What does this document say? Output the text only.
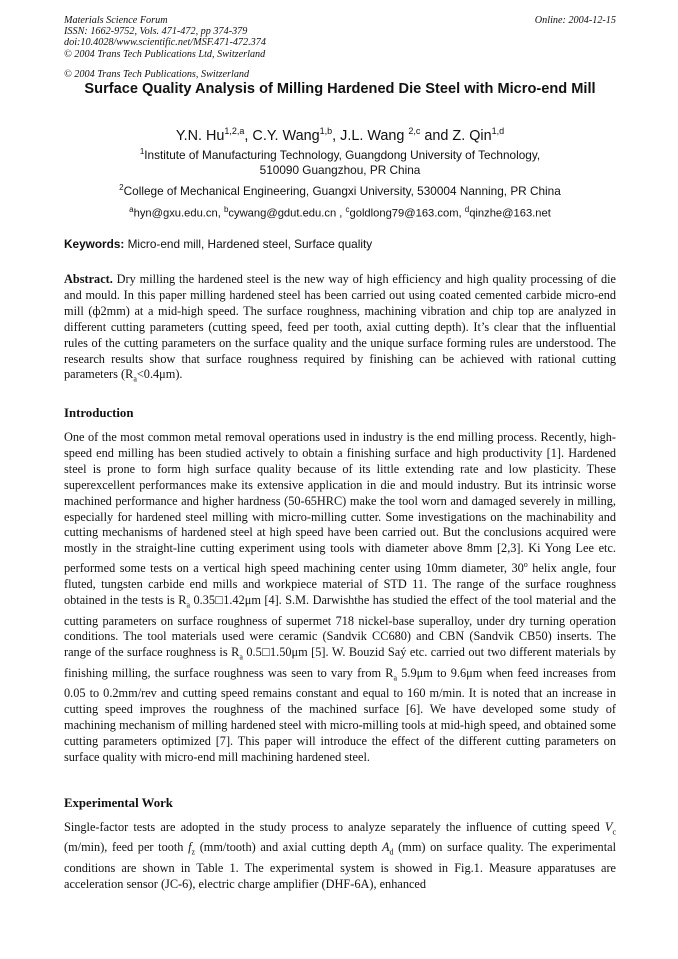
Materials Science Forum
ISSN: 1662-9752, Vols. 471-472, pp 374-379
doi:10.4028/www.scientific.net/MSF.471-472.374
© 2004 Trans Tech Publications Ltd, Switzerland
Online: 2004-12-15
© 2004 Trans Tech Publications, Switzerland
Surface Quality Analysis of Milling Hardened Die Steel with Micro-end Mill
Y.N. Hu$^{1,2,a}$, C.Y. Wang$^{1,b}$, J.L. Wang $^{2,c}$ and Z. Qin$^{1,d}$
$^1$Institute of Manufacturing Technology, Guangdong University of Technology,
510090 Guangzhou, PR China
$^2$College of Mechanical Engineering, Guangxi University, 530004 Nanning, PR China
$^a$hyn@gxu.edu.cn, $^b$cywang@gdut.edu.cn , $^c$goldlong79@163.com, $^d$qinzhe@163.net
Keywords: Micro-end mill, Hardened steel, Surface quality
Abstract. Dry milling the hardened steel is the new way of high efficiency and high quality processing of die and mould. In this paper milling hardened steel has been carried out using coated cemented carbide micro-end mill (ф2mm) at a mid-high speed. The surface roughness, machining vibration and chip top are analyzed in different cutting parameters (cutting speed, feed per tooth, axial cutting depth). It’s clear that the influential rules of the cutting parameters on the surface quality and the unique surface forming rules are understood. The research results show that surface roughness required by finishing can be achieved with rational cutting parameters $(R_a<0.4\mu m)$.
Introduction
One of the most common metal removal operations used in industry is the end milling process. Recently, high-speed end milling has been studied actively to obtain a finishing surface and high productivity [1]. Hardened steel is prone to form high surface quality because of its little extending rate and low plasticity. These superexcellent performances make its extensive application in die and mould industry. But its intrinsic worse machined performance and higher hardness (50-65HRC) make the tool worn and damaged severely in milling, especially for hardened steel milling with micro-milling cutter. Some investigations on the machinability and cutting mechanisms of hardened steel at high speed have been carried out. But the conclusions acquired were mostly in the straight-line cutting experiment using tools with diameter above 8mm [2,3]. Ki Yong Lee etc. performed some tests on a vertical high speed machining center using 10mm diameter, 30$^o$ helix angle, four fluted, tungsten carbide end mills and workpiece material of STD 11. The range of the surface roughness obtained in the tests is $R_a$ 0.35□1.42μm [4]. S.M. Darwishthe has studied the effect of the tool material and the cutting parameters on surface roughness of supermet 718 nickel-base superalloy, under dry turning operation conditions. The tool materials used were ceramic (Sandvik CC680) and CBN (Sandvik CB50) inserts. The range of the surface roughness is $R_a$ 0.5□1.50μm [5]. W. Bouzid Saý etc. carried out two different materials by finishing milling, the surface roughness was seen to vary from $R_a$ 5.9μm to 9.6μm when feed increases from 0.05 to 0.2mm/rev and cutting speed remains constant and equal to 160 m/min. It is noted that an increase in cutting speed improves the roughness of the machined surface [6]. We have developed some study of machining mechanism of milling hardened steel with micro-milling tools at mid-high speed, and obtained some cutting parameters optimized [7]. This paper will introduce the effect of the different cutting parameters on surface quality with micro-end mill machining hardened steel.
Experimental Work
Single-factor tests are adopted in the study process to analyze separately the influence of cutting speed $V_c$ (m/min), feed per tooth $f_z$ (mm/tooth) and axial cutting depth $A_d$ (mm) on surface quality. The experimental conditions are shown in Table 1. The experimental system is showed in Fig.1. Measure apparatuses are acceleration sensor (JC-6), electric charge amplifier (DHF-6A), enhanced
